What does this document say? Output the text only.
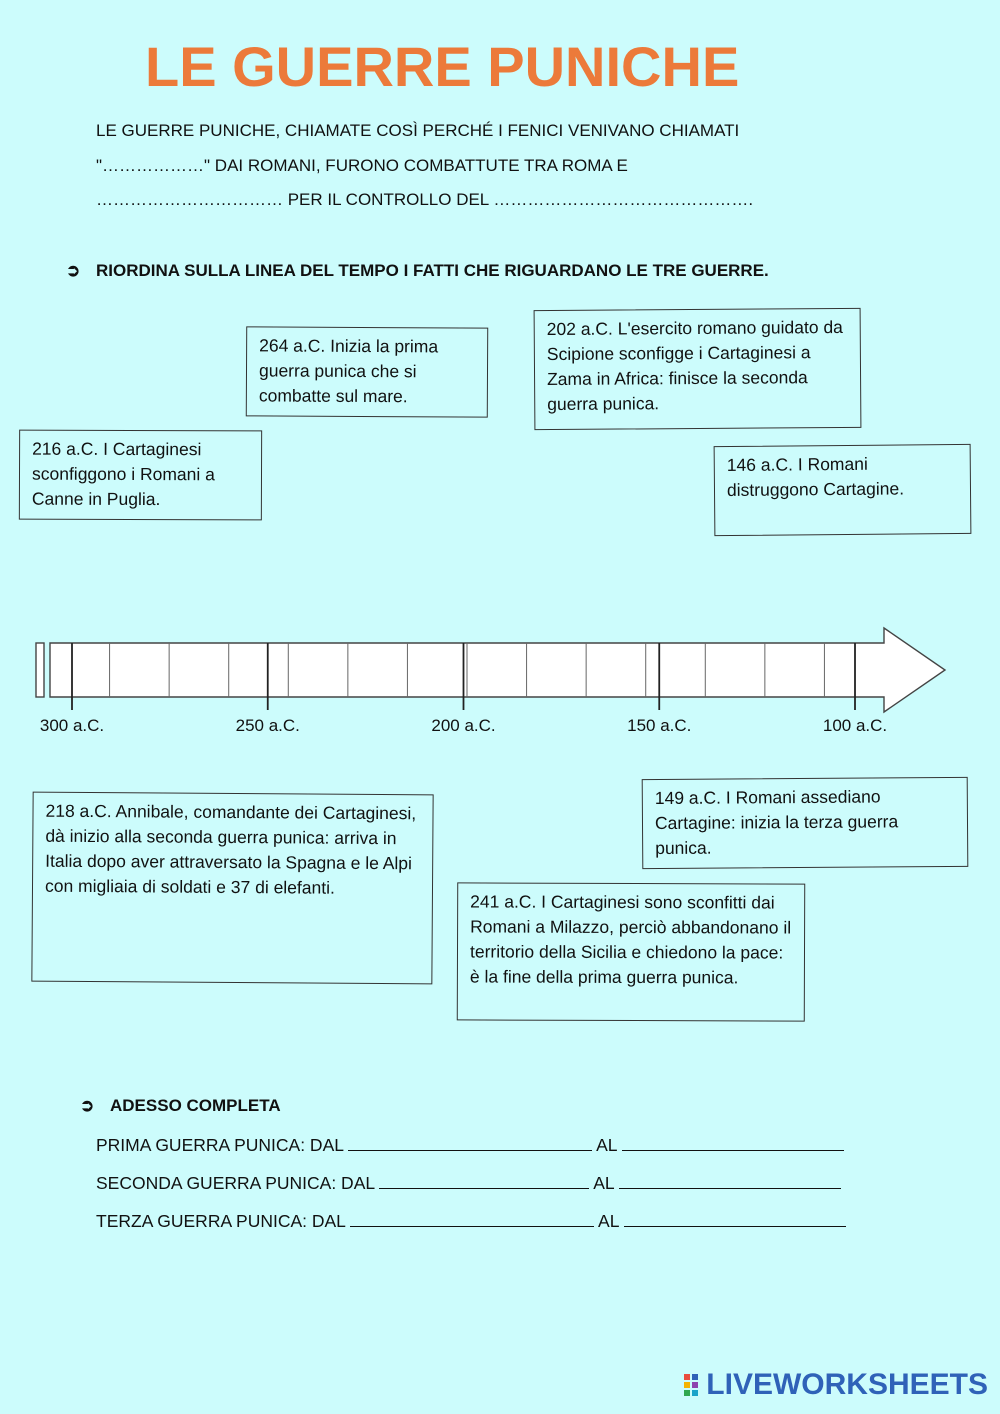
LE GUERRE PUNICHE
LE GUERRE PUNICHE, CHIAMATE COSÌ PERCHÉ I FENICI VENIVANO CHIAMATI
"………………" DAI ROMANI, FURONO COMBATTUTE TRA ROMA E
…………………………… PER IL CONTROLLO DEL ……………………………………….
➲ RIORDINA SULLA LINEA DEL TEMPO I FATTI CHE RIGUARDANO LE TRE GUERRE.
264 a.C. Inizia la prima guerra punica che si combatte sul mare.
202 a.C. L'esercito romano guidato da Scipione sconfigge i Cartaginesi a Zama in Africa: finisce la seconda guerra punica.
216 a.C. I Cartaginesi sconfiggono i Romani a Canne in Puglia.
146 a.C. I Romani distruggono Cartagine.
218 a.C. Annibale, comandante dei Cartaginesi, dà inizio alla seconda guerra punica: arriva in Italia dopo aver attraversato la Spagna e le Alpi con migliaia di soldati e 37 di elefanti.
149 a.C. I Romani assediano Cartagine: inizia la terza guerra punica.
241 a.C. I Cartaginesi sono sconfitti dai Romani a Milazzo, perciò abbandonano il territorio della Sicilia e chiedono la pace: è la fine della prima guerra punica.
300 a.C.	250 a.C.	200 a.C.	150 a.C.	100 a.C.
➲ ADESSO COMPLETA
PRIMA GUERRA PUNICA: DAL	AL
SECONDA GUERRA PUNICA: DAL	AL
TERZA GUERRA PUNICA: DAL	AL
LIVEWORKSHEETS
